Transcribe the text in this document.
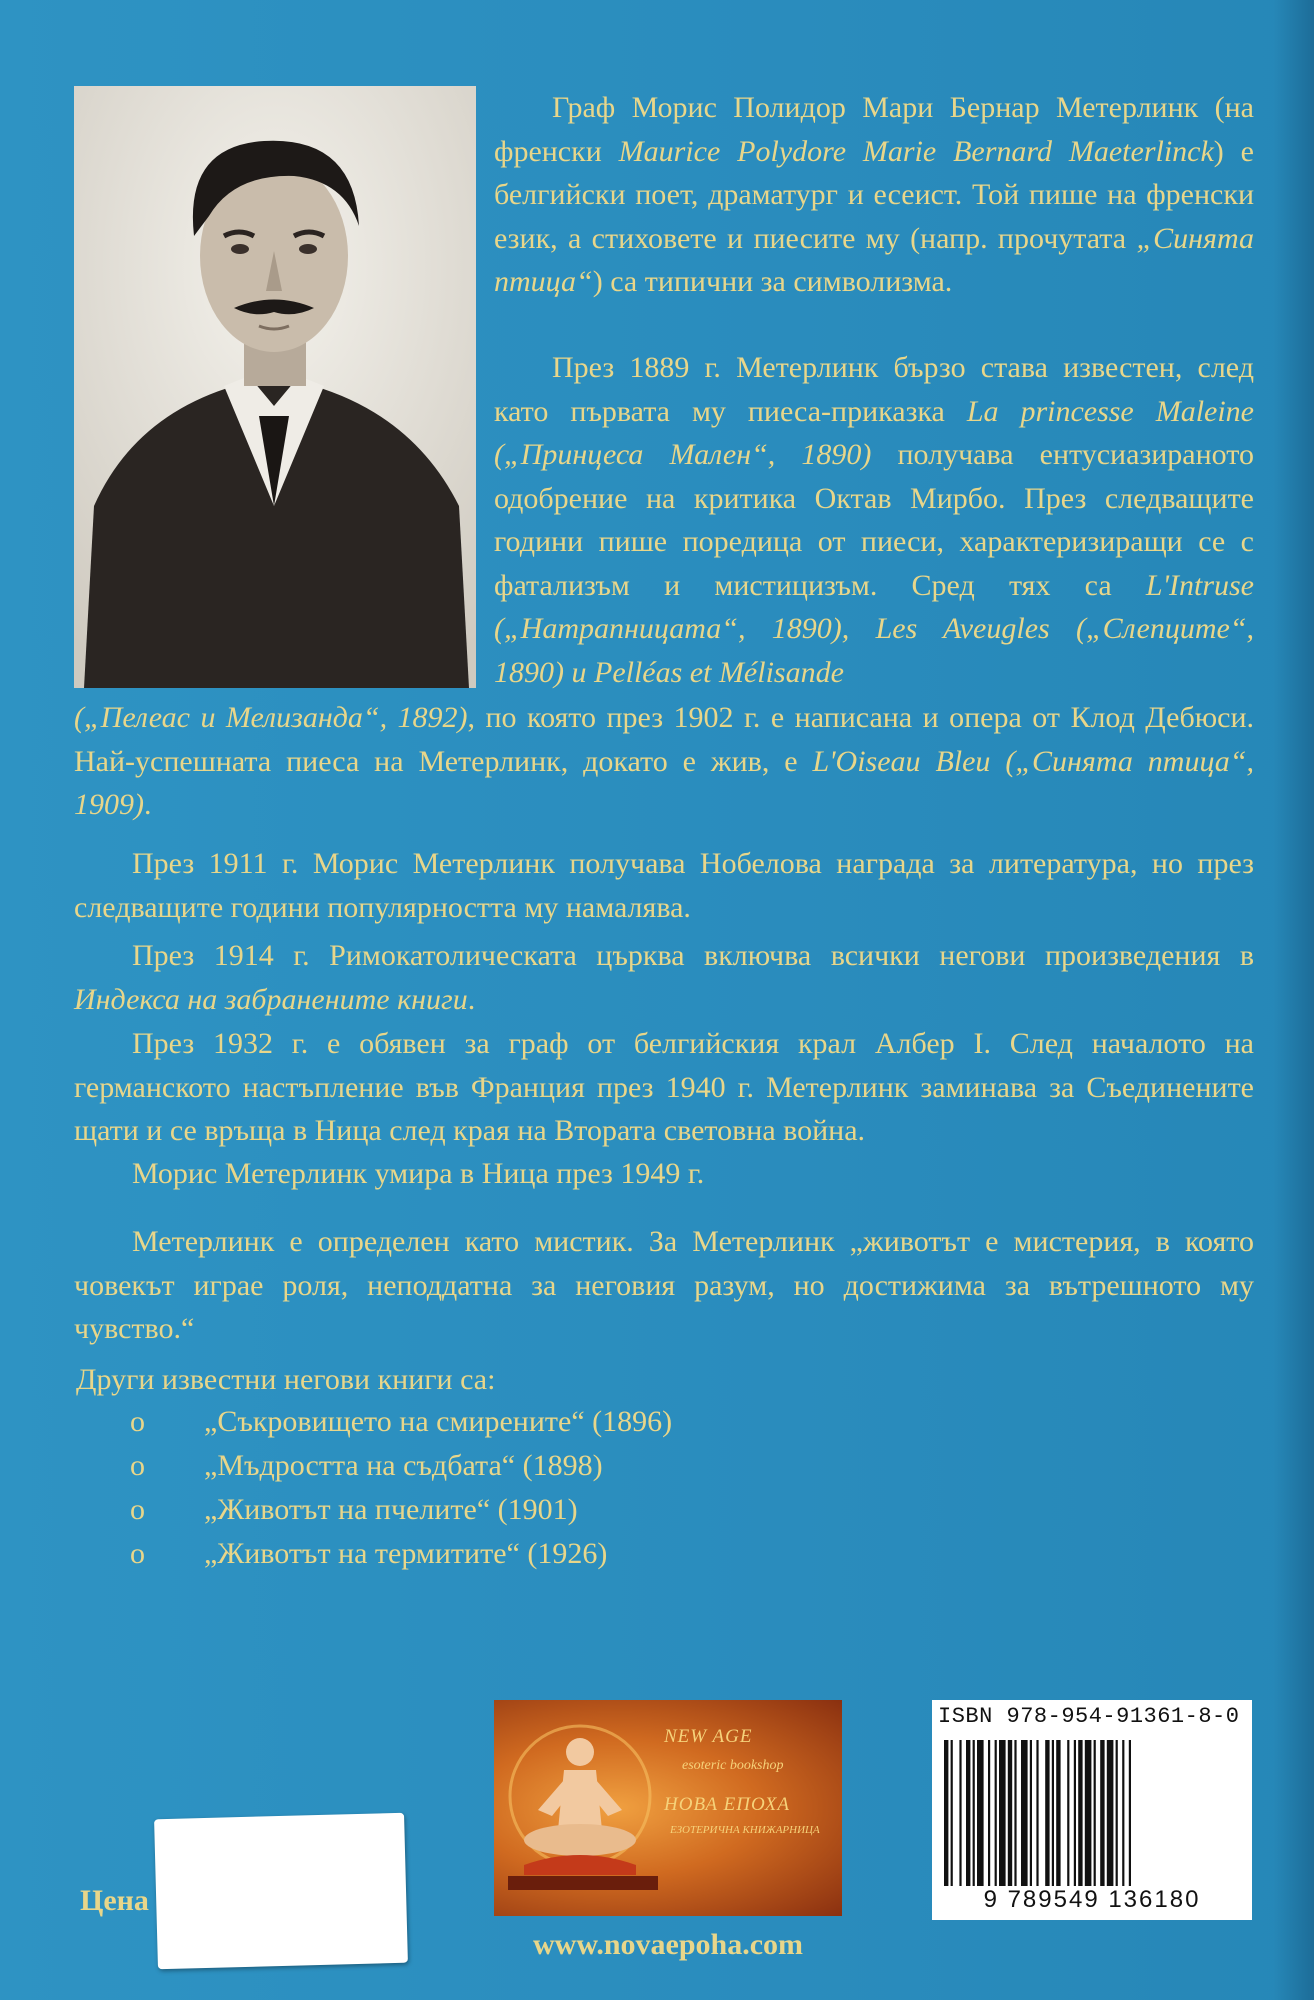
Граф Морис Полидор Мари Бернар Метерлинк (на френски Maurice Polydore Marie Bernard Maeterlinck) е белгийски поет, драматург и есеист. Той пише на френски език, а стиховете и пиесите му (напр. прочутата „Синята птица“) са типични за символизма.

През 1889 г. Метерлинк бързо става известен, след като първата му пиеса-приказка La princesse Maleine („Принцеса Мален“, 1890) получава ентусиазираното одобрение на критика Октав Мирбо. През следващите години пише поредица от пиеси, характеризиращи се с фатализъм и мистицизъм. Сред тях са L'Intruse („Натрапницата“, 1890), Les Aveugles („Слепците“, 1890) и Pelléas et Mélisande

(„Пелеас и Мелизанда“, 1892), по която през 1902 г. е написана и опера от Клод Дебюси. Най-успешната пиеса на Метерлинк, докато е жив, е L'Oiseau Bleu („Синята птица“, 1909).

През 1911 г. Морис Метерлинк получава Нобелова награда за литература, но през следващите години популярността му намалява.

През 1914 г. Римокатолическата църква включва всички негови произведения в Индекса на забранените книги.

През 1932 г. е обявен за граф от белгийския крал Албер I. След началото на германското настъпление във Франция през 1940 г. Метерлинк заминава за Съединените щати и се връща в Ница след края на Втората световна война.

Морис Метерлинк умира в Ница през 1949 г.

Метерлинк е определен като мистик. За Метерлинк „животът е мистерия, в която човекът играе роля, неподдатна за неговия разум, но достижима за вътрешното му чувство.“

Други известни негови книги са:

o	„Съкровището на смирените“
(1896)
o	„Мъдростта на съдбата“
(1898)
o	„Животът на пчелите“
(1901)
o	„Животът на термитите“
(1926)
NEW AGE
esoteric bookshop
НОВА ЕПОХА
ЕЗОТЕРИЧНА КНИЖАРНИЦА
www.novaepoha.com
ISBN 978-954-91361-8-0
9 789549 136180
Цена
